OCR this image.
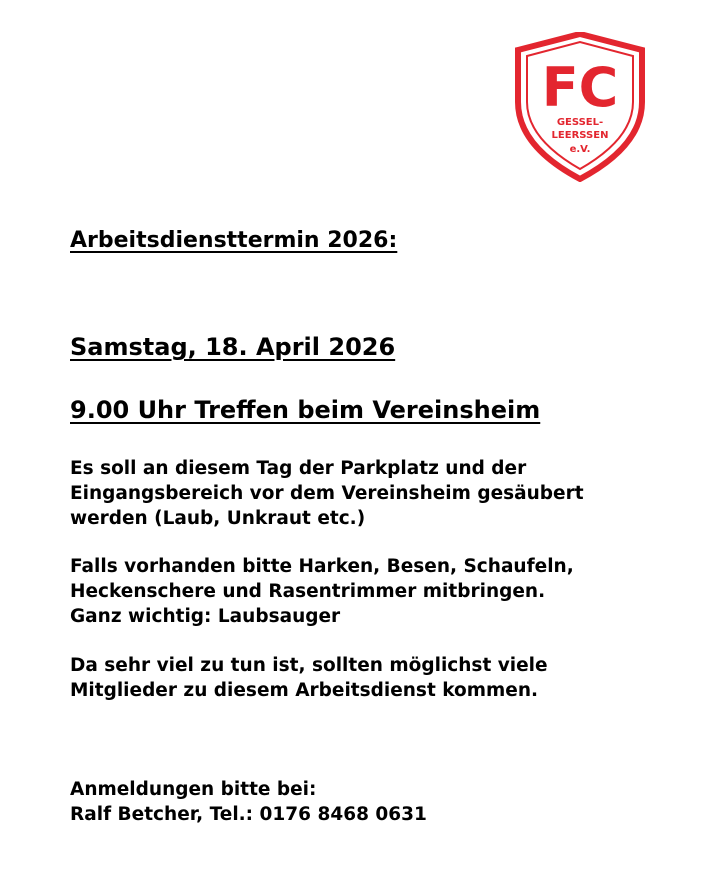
FC
GESSEL-
LEERSSEN
e.V.
Arbeitsdiensttermin 2026:
Samstag, 18. April 2026
9.00 Uhr Treffen beim Vereinsheim

Es soll an diesem Tag der Parkplatz und der
Eingangsbereich vor dem Vereinsheim gesäubert
werden (Laub, Unkraut etc.)

Falls vorhanden bitte Harken, Besen, Schaufeln,
Heckenschere und Rasentrimmer mitbringen.
Ganz wichtig: Laubsauger

Da sehr viel zu tun ist, sollten möglichst viele
Mitglieder zu diesem Arbeitsdienst kommen.

Anmeldungen bitte bei:
Ralf Betcher, Tel.: 0176 8468 0631
